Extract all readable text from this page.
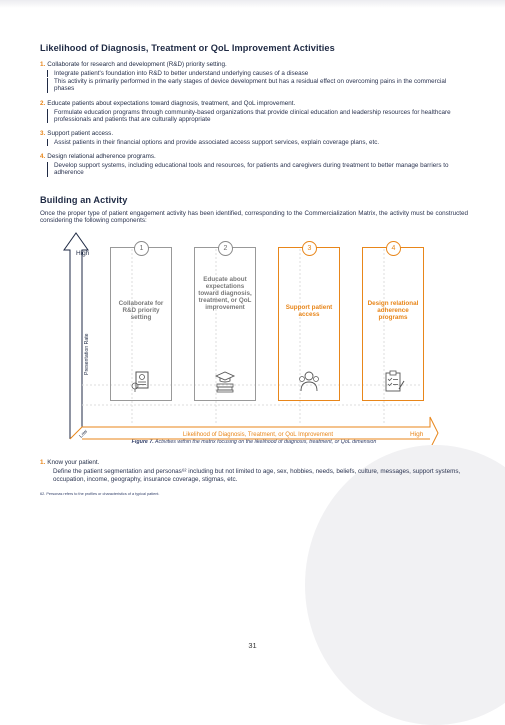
Likelihood of Diagnosis, Treatment or QoL Improvement Activities
1. Collaborate for research and development (R&D) priority setting.
Integrate patient's foundation into R&D to better understand underlying causes of a disease
This activity is primarily performed in the early stages of device development but has a residual effect on overcoming pains in the commercial phases
2. Educate patients about expectations toward diagnosis, treatment, and QoL improvement.
Formulate education programs through community-based organizations that provide clinical education and leadership resources for healthcare professionals and patients that are culturally appropriate
3. Support patient access.
Assist patients in their financial options and provide associated access support services, explain coverage plans, etc.
4. Design relational adherence programs.
Develop support systems, including educational tools and resources, for patients and caregivers during treatment to better manage barriers to adherence
Building an Activity
Once the proper type of patient engagement activity has been identified, corresponding to the Commercialization Matrix, the activity must be constructed considering the following components:
High
Low	Likelihood of Diagnosis, Treatment, or QoL Improvement	High
Presentation Rate
1
Collaborate for R&D priority setting
2
Educate about expectations toward diagnosis, treatment, or QoL improvement
3
Support patient access
4
Design relational adherence programs
Figure 7. Activities within the matrix focusing on the likelihood of diagnosis, treatment, or QoL dimension
1. Know your patient.
Define the patient segmentation and personas⁶² including but not limited to age, sex, hobbies, needs, beliefs, culture, messages, support systems, occupation, income, geography, insurance coverage, stigmas, etc.
62. Personas refers to the profiles or characteristics of a typical patient.
31
